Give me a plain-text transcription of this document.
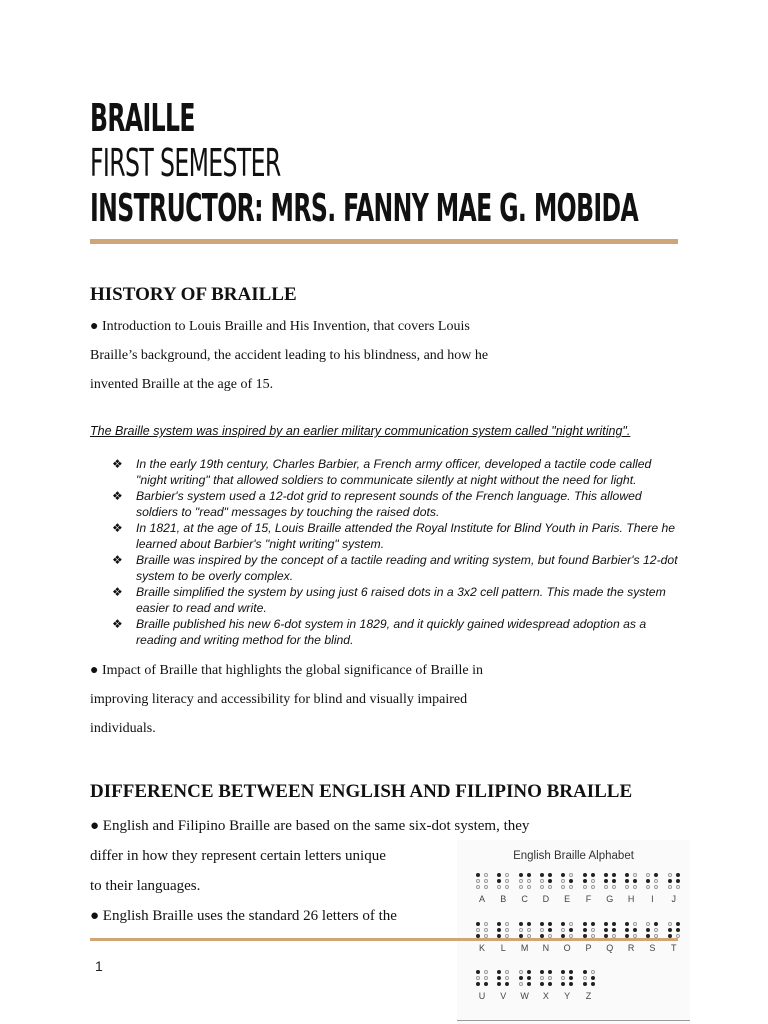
BRAILLE
FIRST SEMESTER
INSTRUCTOR: MRS. FANNY MAE G. MOBIDA
HISTORY OF BRAILLE
● Introduction to Louis Braille and His Invention, that covers Louis
Braille’s background, the accident leading to his blindness, and how he
invented Braille at the age of 15.
The Braille system was inspired by an earlier military communication system called "night writing".
❖ In the early 19th century, Charles Barbier, a French army officer, developed a tactile code called "night writing" that allowed soldiers to communicate silently at night without the need for light.
❖ Barbier's system used a 12-dot grid to represent sounds of the French language. This allowed soldiers to "read" messages by touching the raised dots.
❖ In 1821, at the age of 15, Louis Braille attended the Royal Institute for Blind Youth in Paris. There he learned about Barbier's "night writing" system.
❖ Braille was inspired by the concept of a tactile reading and writing system, but found Barbier's 12-dot system to be overly complex.
❖ Braille simplified the system by using just 6 raised dots in a 3x2 cell pattern. This made the system easier to read and write.
❖ Braille published his new 6-dot system in 1829, and it quickly gained widespread adoption as a reading and writing method for the blind.
● Impact of Braille that highlights the global significance of Braille in
improving literacy and accessibility for blind and visually impaired
individuals.
DIFFERENCE BETWEEN ENGLISH AND FILIPINO BRAILLE
● English and Filipino Braille are based on the same six-dot system, they
differ in how they represent certain letters unique
to their languages.
● English Braille uses the standard 26 letters of the
English Braille Alphabet
A	B	C	D	E	F	G	H	I	J
K	L	M	N	O	P	Q	R	S	T
U	V	W	X	Y	Z
1
